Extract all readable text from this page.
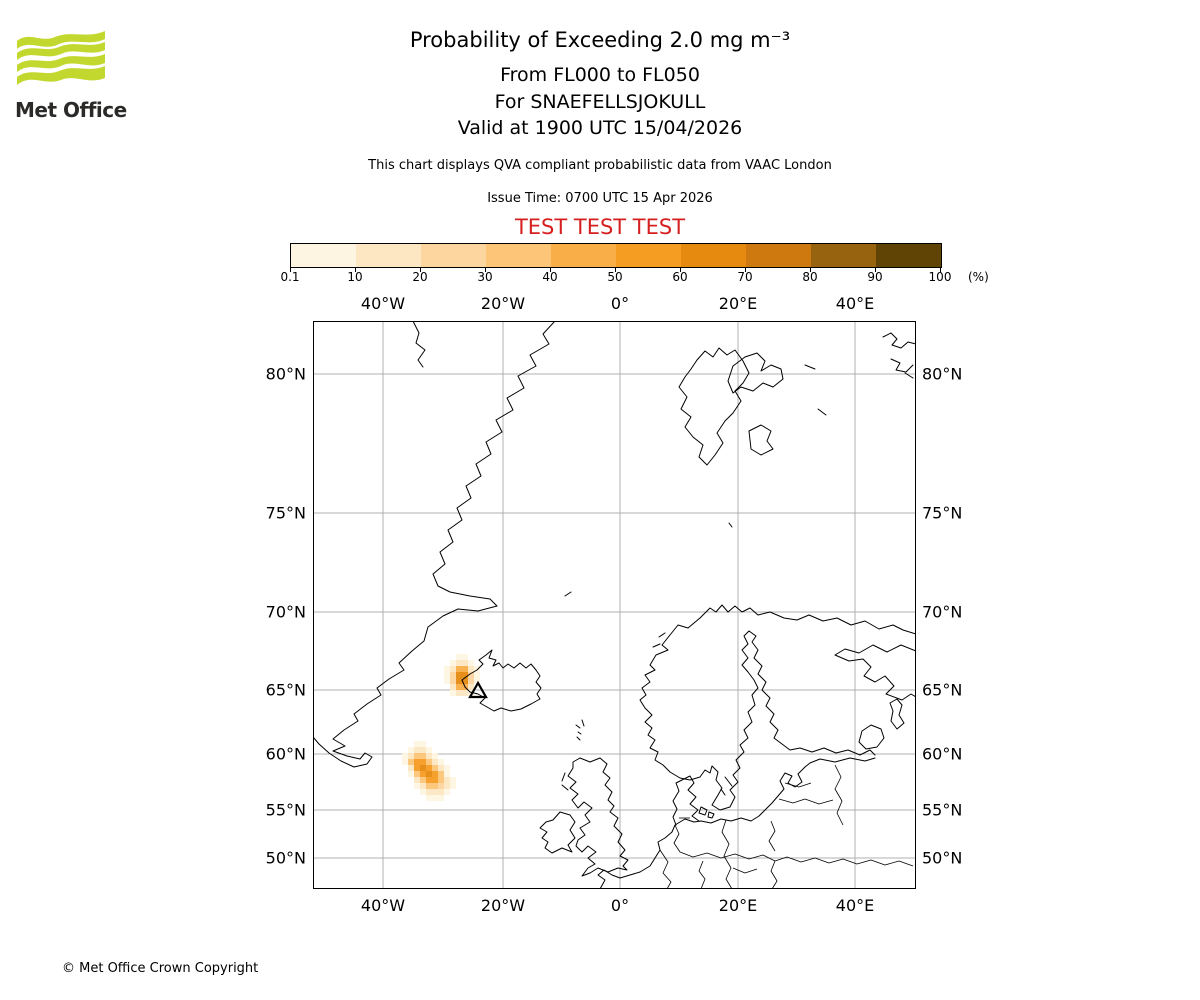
Met Office
Probability of Exceeding 2.0 mg m⁻³
From FL000 to FL050
For SNAEFELLSJOKULL
Valid at 1900 UTC 15/04/2026
This chart displays QVA compliant probabilistic data from VAAC London
Issue Time: 0700 UTC 15 Apr 2026
TEST TEST TEST
0.1	10	20	30	40	50	60	70	80	90	100 (%)
40°W
40°W
20°W
20°W
0°
0°
20°E
20°E
40°E
40°E
80°N	80°N
75°N	75°N
70°N	70°N
65°N	65°N
60°N	60°N
55°N	55°N
50°N	50°N
© Met Office Crown Copyright
